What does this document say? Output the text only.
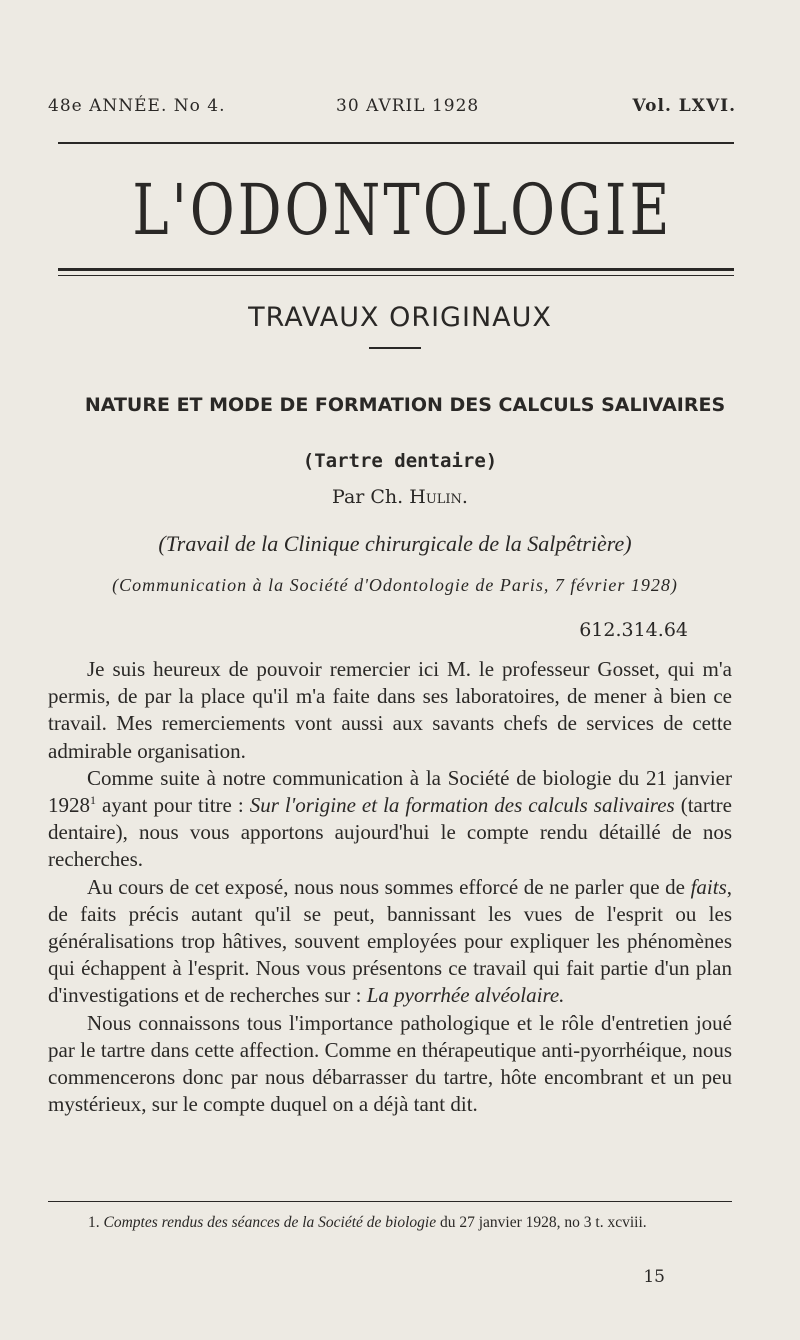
48e ANNÉE. No 4.	30 AVRIL 1928	Vol. LXVI.
L'ODONTOLOGIE
TRAVAUX ORIGINAUX
NATURE ET MODE DE FORMATION DES CALCULS SALIVAIRES
(Tartre dentaire)
Par Ch. Hulin.
(Travail de la Clinique chirurgicale de la Salpêtrière)
(Communication à la Société d'Odontologie de Paris, 7 février 1928)
612.314.64

Je suis heureux de pouvoir remercier ici M. le professeur Gosset, qui m'a permis, de par la place qu'il m'a faite dans ses laboratoires, de mener à bien ce travail. Mes remerciements vont aussi aux savants chefs de services de cette admirable organisation.

Comme suite à notre communication à la Société de biologie du 21 janvier 1928$^1$ ayant pour titre : Sur l'origine et la formation des calculs salivaires (tartre dentaire), nous vous apportons aujourd'hui le compte rendu détaillé de nos recherches.

Au cours de cet exposé, nous nous sommes efforcé de ne parler que de faits, de faits précis autant qu'il se peut, bannissant les vues de l'esprit ou les généralisations trop hâtives, souvent employées pour expliquer les phénomènes qui échappent à l'esprit. Nous vous présentons ce travail qui fait partie d'un plan d'investigations et de recherches sur : La pyorrhée alvéolaire.

Nous connaissons tous l'importance pathologique et le rôle d'entretien joué par le tartre dans cette affection. Comme en thérapeutique anti-pyorrhéique, nous commencerons donc par nous débarrasser du tartre, hôte encombrant et un peu mystérieux, sur le compte duquel on a déjà tant dit.

1. Comptes rendus des séances de la Société de biologie du 27 janvier 1928, no 3 t. xcviii.
15
